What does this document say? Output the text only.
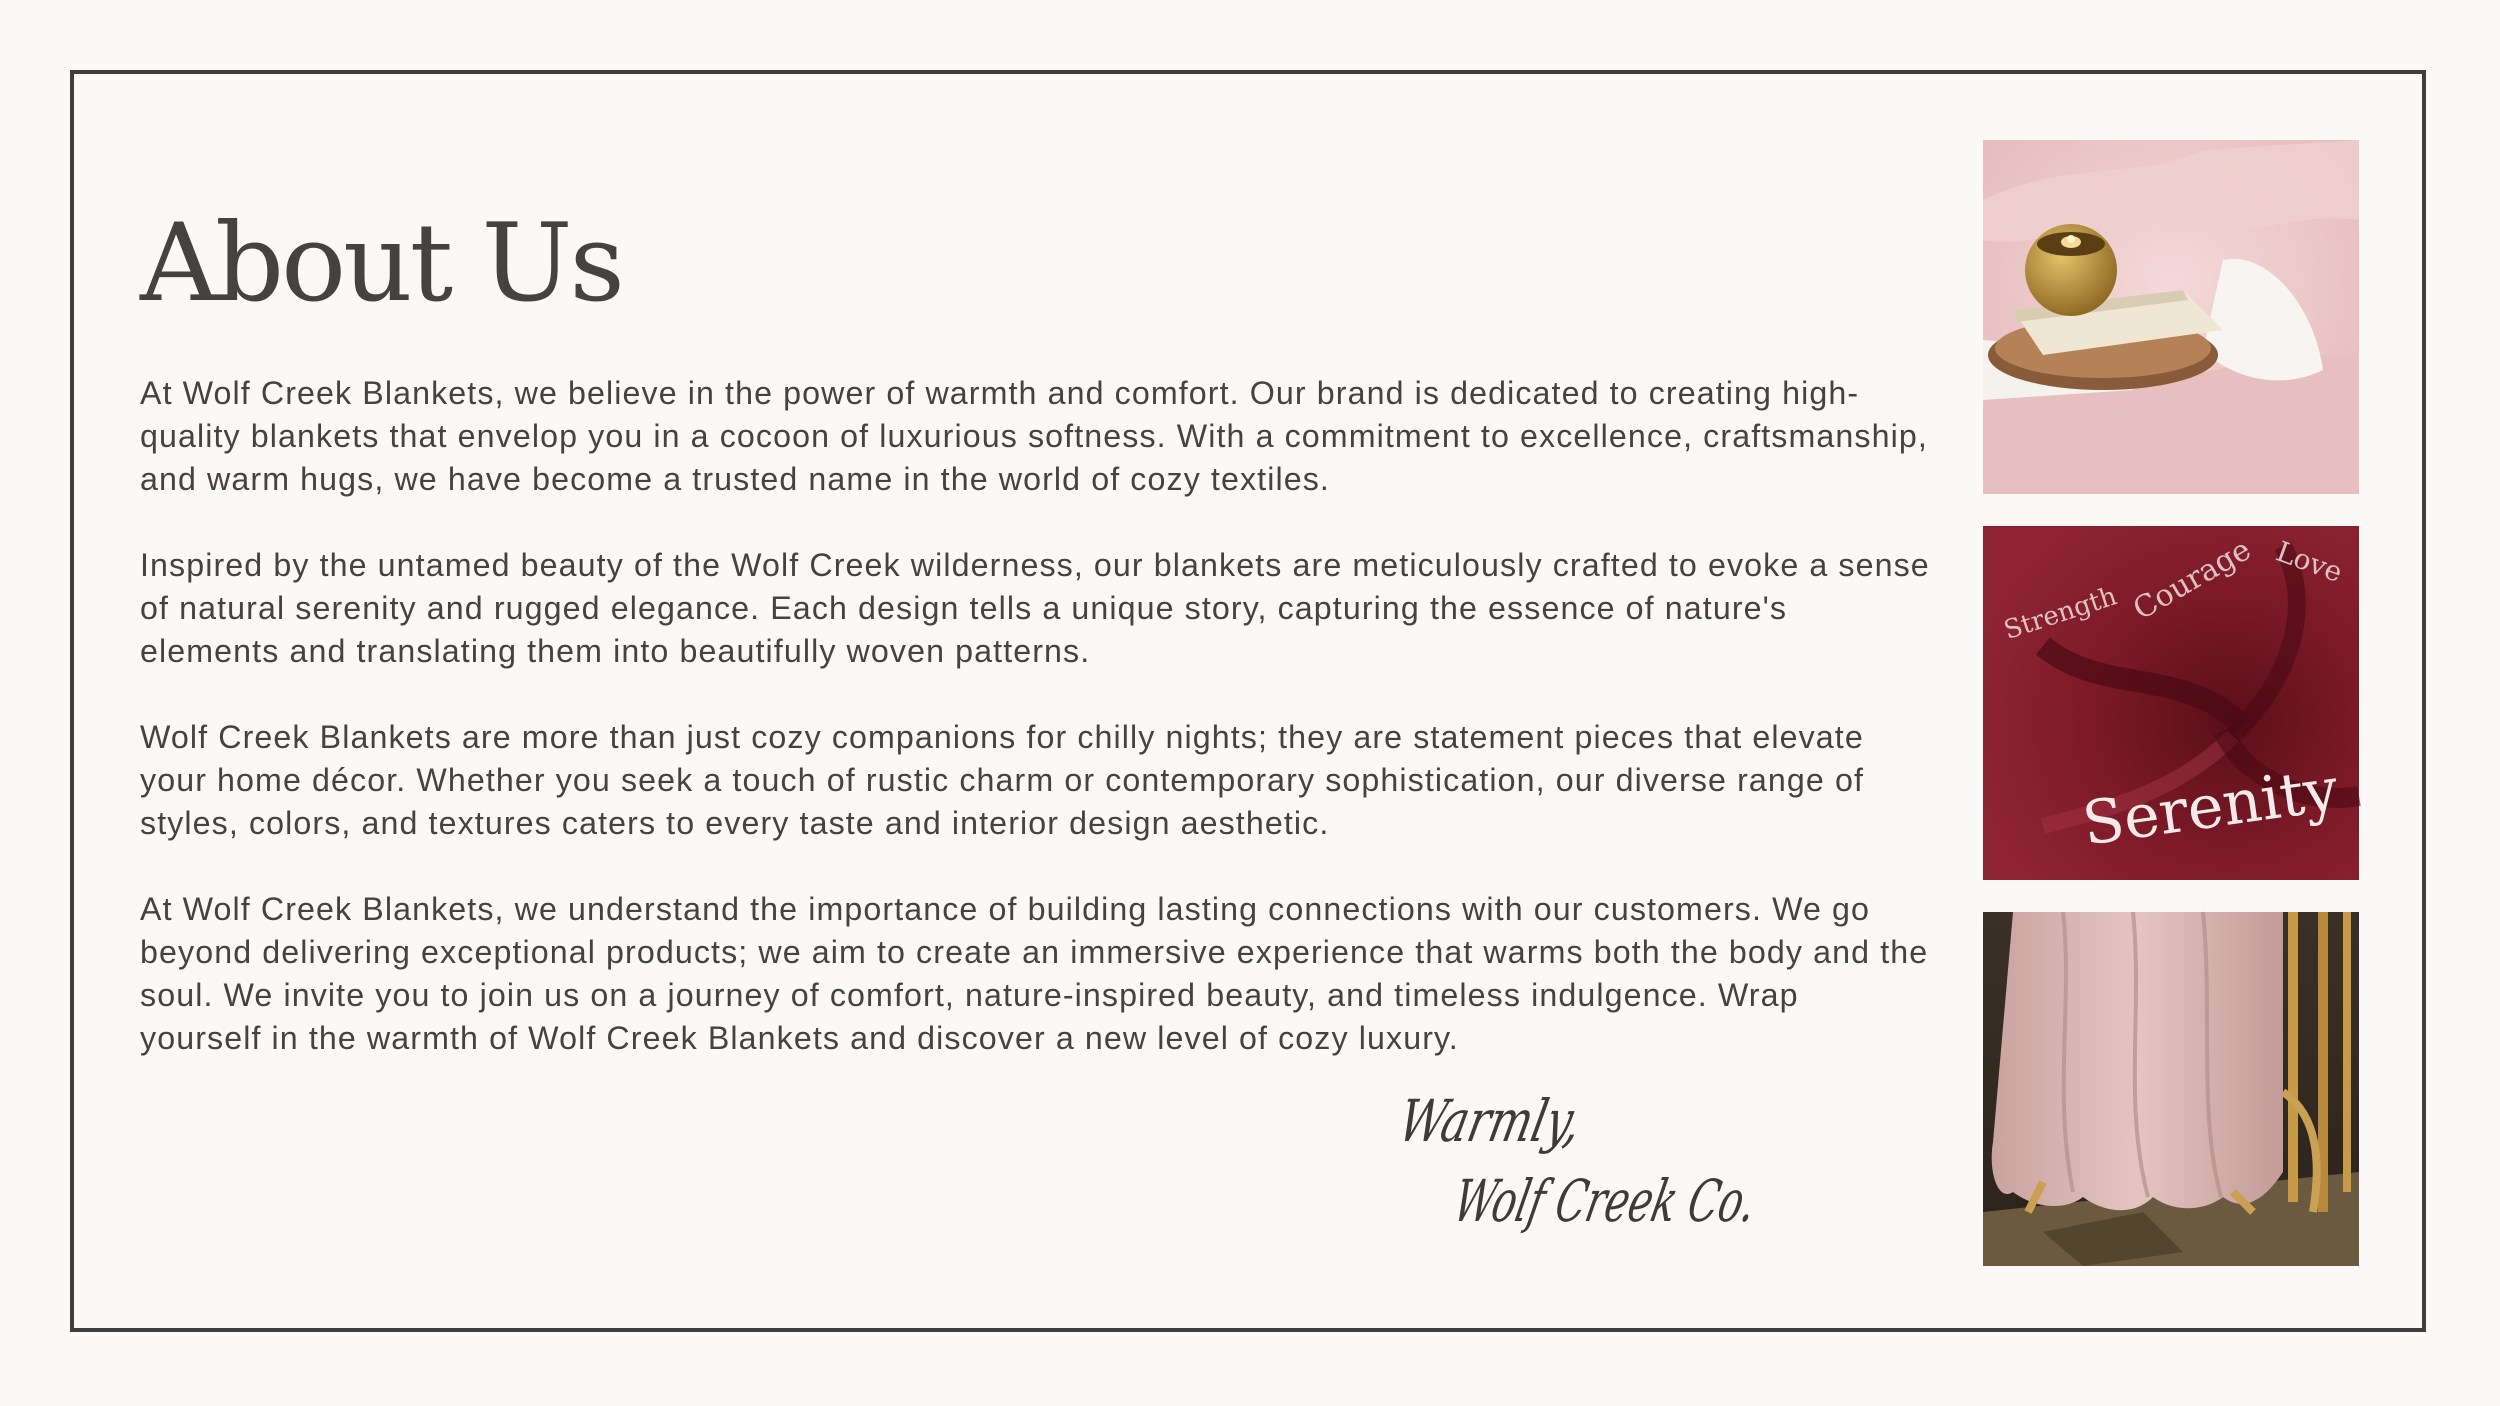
About Us

At Wolf Creek Blankets, we believe in the power of warmth and comfort. Our brand is dedicated to creating high-quality blankets that envelop you in a cocoon of luxurious softness. With a commitment to excellence, craftsmanship, and warm hugs, we have become a trusted name in the world of cozy textiles.

Inspired by the untamed beauty of the Wolf Creek wilderness, our blankets are meticulously crafted to evoke a sense of natural serenity and rugged elegance. Each design tells a unique story, capturing the essence of nature's elements and translating them into beautifully woven patterns.

Wolf Creek Blankets are more than just cozy companions for chilly nights; they are statement pieces that elevate your home décor. Whether you seek a touch of rustic charm or contemporary sophistication, our diverse range of styles, colors, and textures caters to every taste and interior design aesthetic.

At Wolf Creek Blankets, we understand the importance of building lasting connections with our customers. We go beyond delivering exceptional products; we aim to create an immersive experience that warms both the body and the soul. We invite you to join us on a journey of comfort, nature-inspired beauty, and timeless indulgence. Wrap yourself in the warmth of Wolf Creek Blankets and discover a new level of cozy luxury.

Warmly,
Wolf Creek Co.
Serenity
Strength
Love
Courage
